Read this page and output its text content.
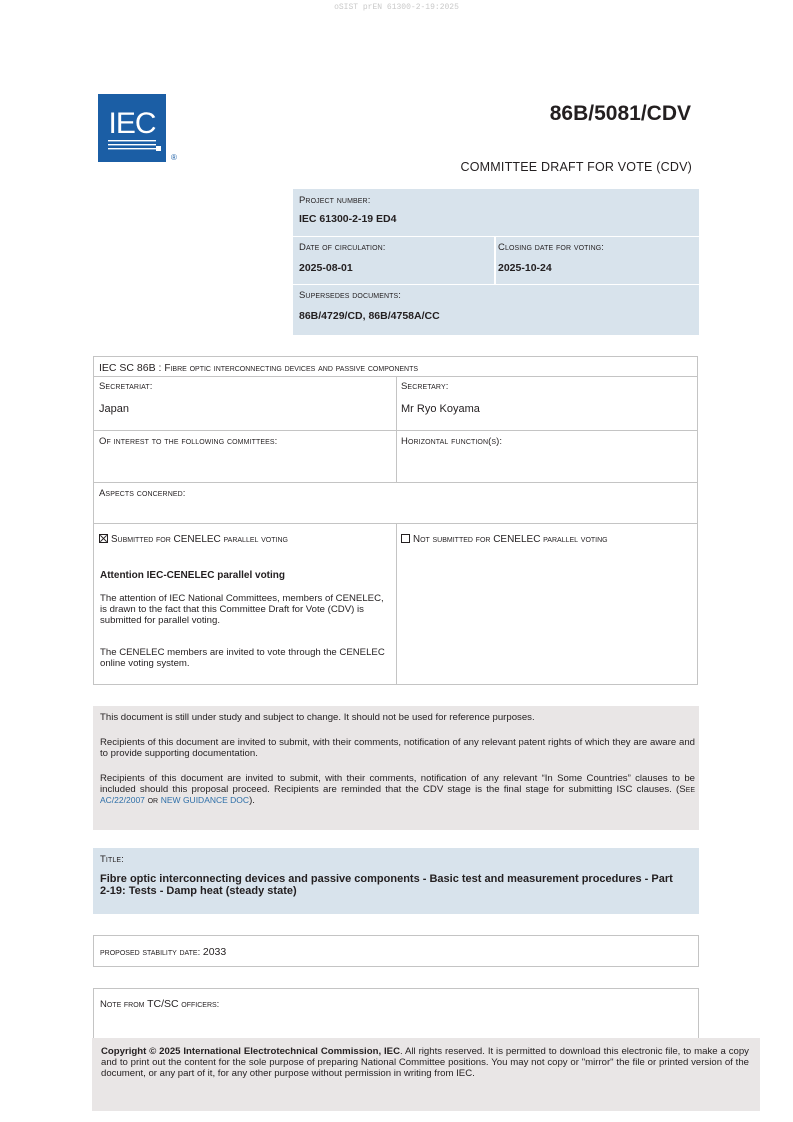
oSIST prEN 61300-2-19:2025
IEC
®
86B/5081/CDV
COMMITTEE DRAFT FOR VOTE (CDV)
Project number:
IEC 61300-2-19 ED4
Date of circulation:
2025-08-01
Closing date for voting:
2025-10-24
Supersedes documents:
86B/4729/CD, 86B/4758A/CC
IEC SC 86B : Fibre optic interconnecting devices and passive components
Secretariat:
Japan
Secretary:
Mr Ryo Koyama
Of interest to the following committees:	Horizontal function(s):
Aspects concerned:
Submitted for CENELEC parallel voting	Not submitted for CENELEC parallel voting
Attention IEC-CENELEC parallel voting
The attention of IEC National Committees, members of CENELEC, is drawn to the fact that this Committee Draft for Vote (CDV) is submitted for parallel voting.
The CENELEC members are invited to vote through the CENELEC online voting system.
This document is still under study and subject to change. It should not be used for reference purposes.
Recipients of this document are invited to submit, with their comments, notification of any relevant patent rights of which they are aware and to provide supporting documentation.
Recipients of this document are invited to submit, with their comments, notification of any relevant “In Some Countries” clauses to be included should this proposal proceed. Recipients are reminded that the CDV stage is the final stage for submitting ISC clauses. (See AC/22/2007 or NEW GUIDANCE DOC).
Title:
Fibre optic interconnecting devices and passive components - Basic test and measurement procedures - Part 2-19: Tests - Damp heat (steady state)
proposed stability date: 2033
Note from TC/SC officers:
Copyright © 2025 International Electrotechnical Commission, IEC. All rights reserved. It is permitted to download this electronic file, to make a copy and to print out the content for the sole purpose of preparing National Committee positions. You may not copy or "mirror" the file or printed version of the document, or any part of it, for any other purpose without permission in writing from IEC.
